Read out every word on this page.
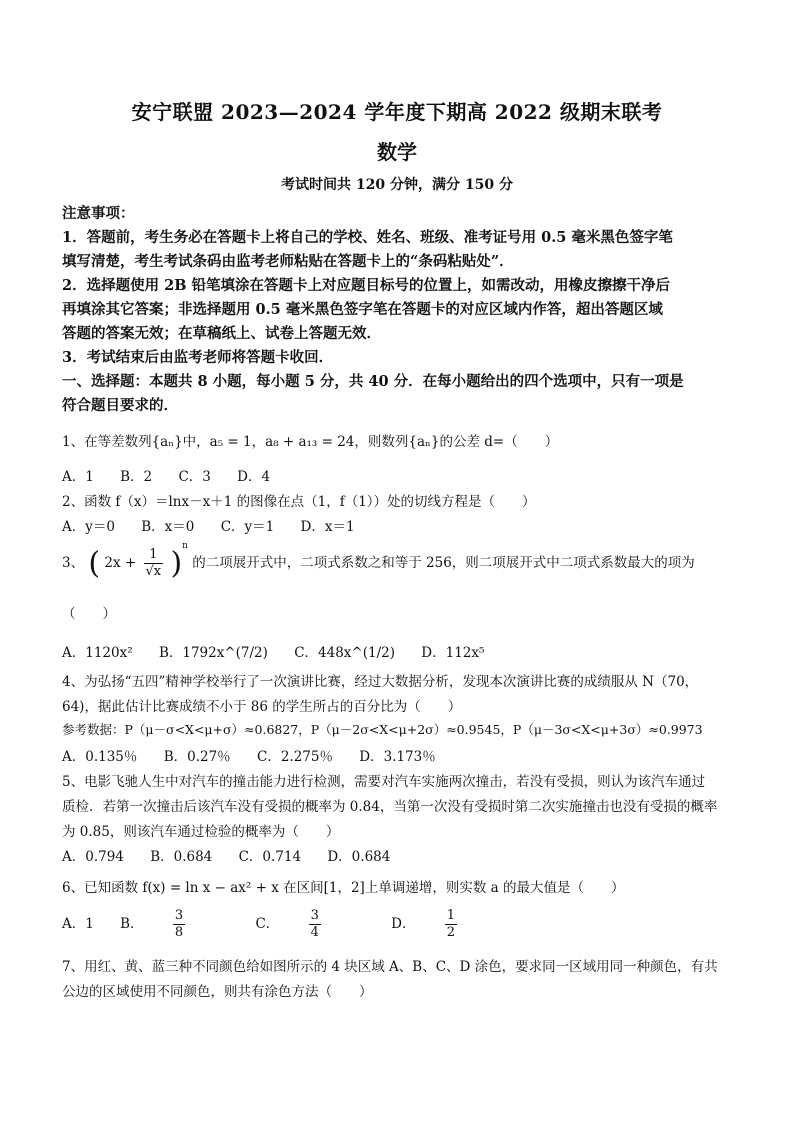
安宁联盟 2023—2024 学年度下期高 2022 级期末联考
数学
考试时间共 120 分钟，满分 150 分
注意事项：
1．答题前，考生务必在答题卡上将自己的学校、姓名、班级、准考证号用 0.5 毫米黑色签字笔
填写清楚，考生考试条码由监考老师粘贴在答题卡上的“条码粘贴处”．
2．选择题使用 2B 铅笔填涂在答题卡上对应题目标号的位置上，如需改动，用橡皮擦擦干净后
再填涂其它答案；非选择题用 0.5 毫米黑色签字笔在答题卡的对应区域内作答，超出答题区域
答题的答案无效；在草稿纸上、试卷上答题无效．
3．考试结束后由监考老师将答题卡收回．
一、选择题：本题共 8 小题，每小题 5 分，共 40 分．在每小题给出的四个选项中，只有一项是
符合题目要求的．
1、在等差数列{aₙ}中，a₅ = 1，a₈ + a₁₃ = 24，则数列{aₙ}的公差 d=（　　）
A．1 B．2 C．3 D．4
2、函数 f（x）＝lnx－x＋1 的图像在点（1，f（1））处的切线方程是（　　）
A．y＝0 B．x＝0 C．y＝1 D．x＝1
3、 ( $2x + \frac{1}{√x} )^n$ 的二项展开式中，二项式系数之和等于 256，则二项展开式中二项式系数最大的项为
（　　）
A．1120x² B．1792x^(7/2) C．448x^(1/2) D．112x⁵
4、为弘扬“五四”精神学校举行了一次演讲比赛，经过大数据分析，发现本次演讲比赛的成绩服从 N（70，
64)，据此估计比赛成绩不小于 86 的学生所占的百分比为（　　）
参考数据：P（μ－σ<X<μ+σ）≈0.6827，P（μ－2σ<X<μ+2σ）≈0.9545，P（μ－3σ<X<μ+3σ）≈0.9973
A．0.135％ B．0.27％ C．2.275％ D．3.173％
5、电影飞驰人生中对汽车的撞击能力进行检测，需要对汽车实施两次撞击，若没有受损，则认为该汽车通过
质检．若第一次撞击后该汽车没有受损的概率为 0.84，当第一次没有受损时第二次实施撞击也没有受损的概率
为 0.85，则该汽车通过检验的概率为（　　）
A．0.794 B．0.684 C．0.714 D．0.684
6、已知函数 f(x) = ln x − ax² + x 在区间[1，2]上单调递增，则实数 a 的最大值是（　　）
A．1 B． $\frac{3}{8}$	C． $\frac{3}{4}$	D． $\frac{1}{2}$
7、用红、黄、蓝三种不同颜色给如图所示的 4 块区域 A、B、C、D 涂色，要求同一区域用同一种颜色，有共
公边的区域使用不同颜色，则共有涂色方法（　　）
